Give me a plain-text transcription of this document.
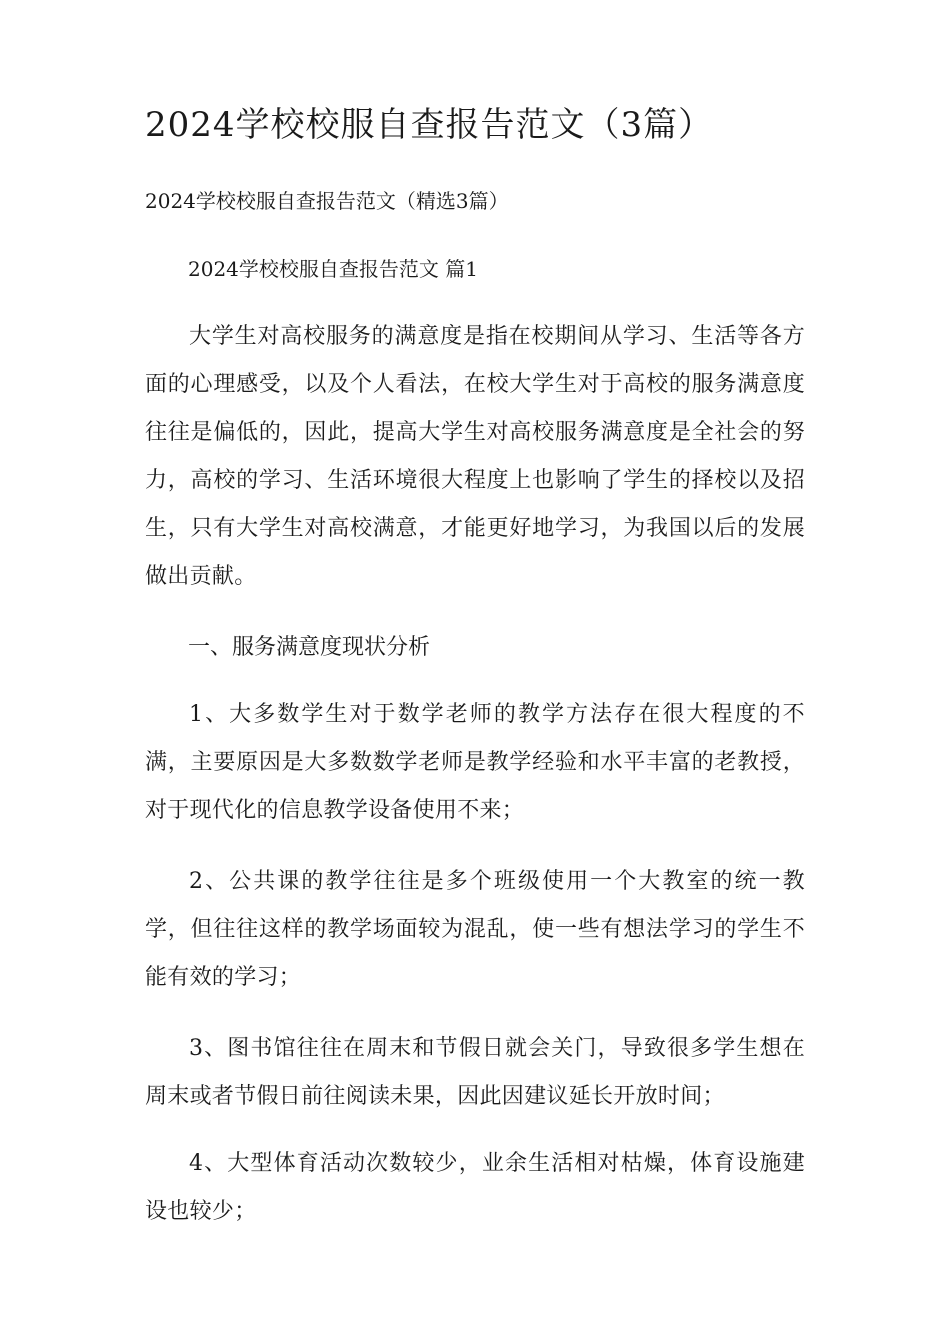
2024学校校服自查报告范文（3篇）
2024学校校服自查报告范文（精选3篇）
2024学校校服自查报告范文 篇1

大学生对高校服务的满意度是指在校期间从学习、生活等各方面的心理感受，以及个人看法，在校大学生对于高校的服务满意度往往是偏低的，因此，提高大学生对高校服务满意度是全社会的努力，高校的学习、生活环境很大程度上也影响了学生的择校以及招生，只有大学生对高校满意，才能更好地学习，为我国以后的发展做出贡献。

一、服务满意度现状分析

1、大多数学生对于数学老师的教学方法存在很大程度的不满，主要原因是大多数数学老师是教学经验和水平丰富的老教授，对于现代化的信息教学设备使用不来；

2、公共课的教学往往是多个班级使用一个大教室的统一教学，但往往这样的教学场面较为混乱，使一些有想法学习的学生不能有效的学习；

3、图书馆往往在周末和节假日就会关门，导致很多学生想在周末或者节假日前往阅读未果，因此因建议延长开放时间；

4、大型体育活动次数较少，业余生活相对枯燥，体育设施建设也较少；
